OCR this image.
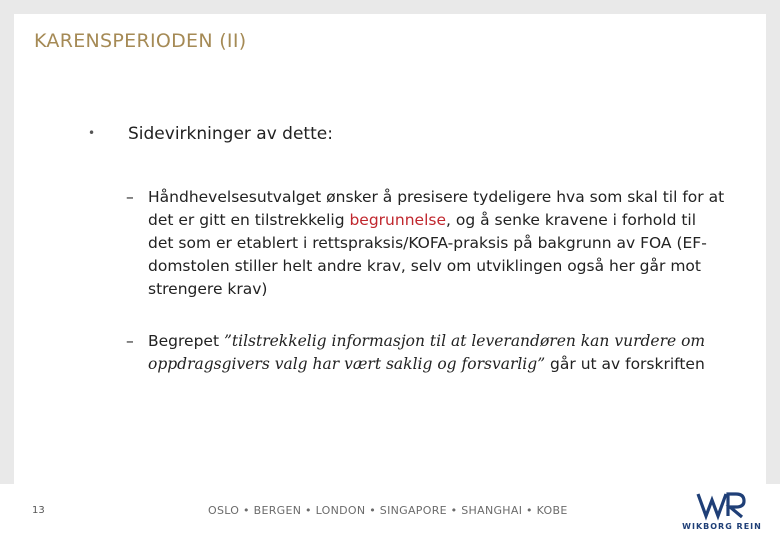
KARENSPERIODEN (II)
• Sidevirkninger av dette:
– Håndhevelsesutvalget ønsker å presisere tydeligere hva som skal til for at det er gitt en tilstrekkelig begrunnelse, og å senke kravene i forhold til det som er etablert i rettspraksis/KOFA-praksis på bakgrunn av FOA (EF-domstolen stiller helt andre krav, selv om utviklingen også her går mot strengere krav)
– Begrepet ”tilstrekkelig informasjon til at leverandøren kan vurdere om oppdragsgivers valg har vært saklig og forsvarlig” går ut av forskriften
13	OSLO • BERGEN • LONDON • SINGAPORE • SHANGHAI • KOBE
WIKBORG REIN
